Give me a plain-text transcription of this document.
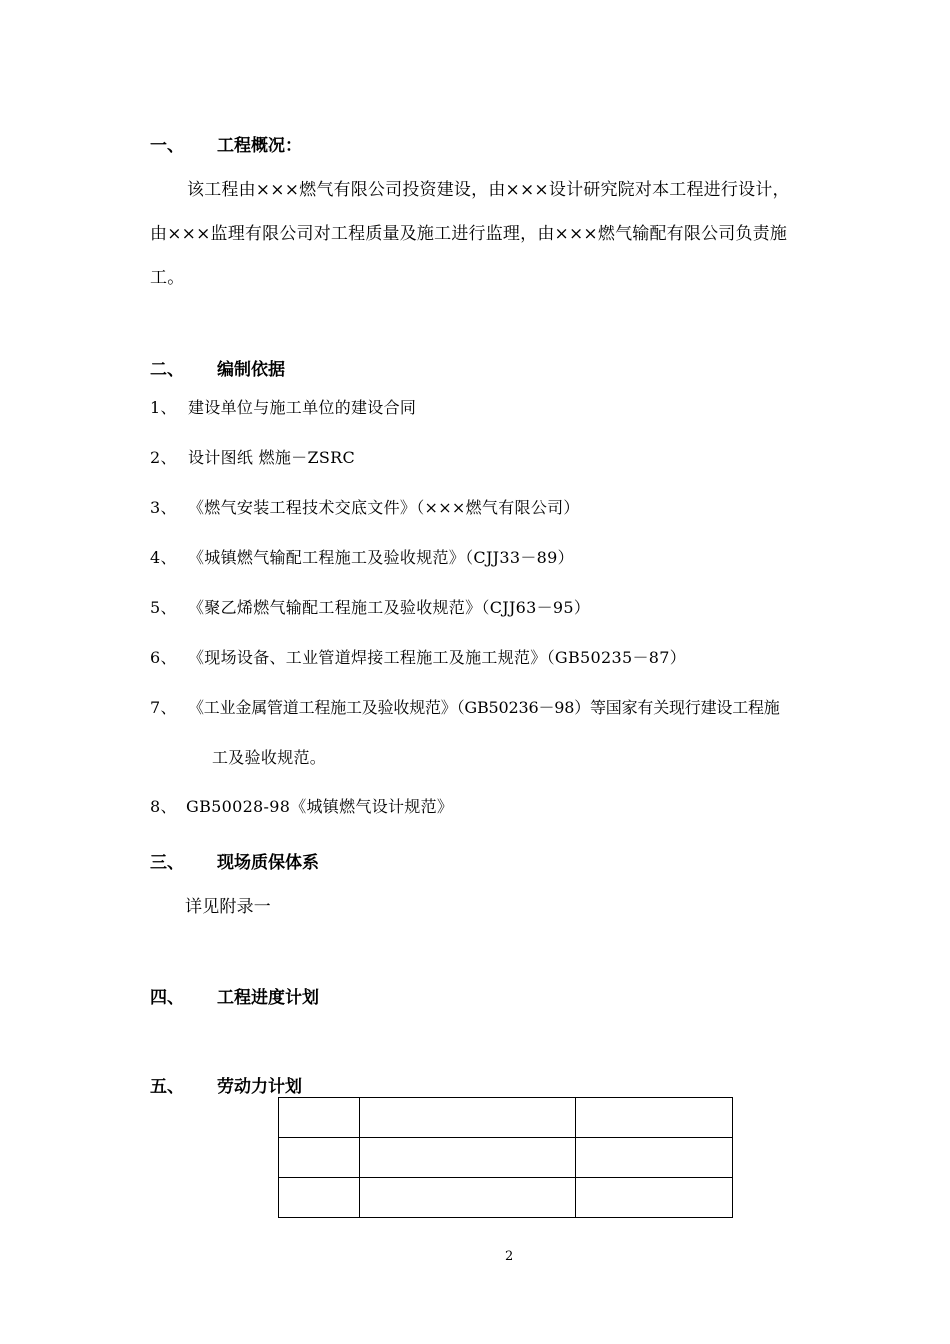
一、 工程概况：
该工程由×××燃气有限公司投资建设，由×××设计研究院对本工程进行设计，
由×××监理有限公司对工程质量及施工进行监理，由×××燃气输配有限公司负责施
工。
二、 编制依据
1、 建设单位与施工单位的建设合同
2、 设计图纸 燃施－ZSRC
3、 《燃气安装工程技术交底文件》（×××燃气有限公司）
4、 《城镇燃气输配工程施工及验收规范》（CJJ33－89）
5、 《聚乙烯燃气输配工程施工及验收规范》（CJJ63－95）
6、 《现场设备、工业管道焊接工程施工及施工规范》（GB50235－87）
7、 《工业金属管道工程施工及验收规范》（GB50236－98）等国家有关现行建设工程施
工及验收规范。
8、 GB50028-98《城镇燃气设计规范》
三、 现场质保体系
详见附录一
四、 工程进度计划
五、 劳动力计划

2
